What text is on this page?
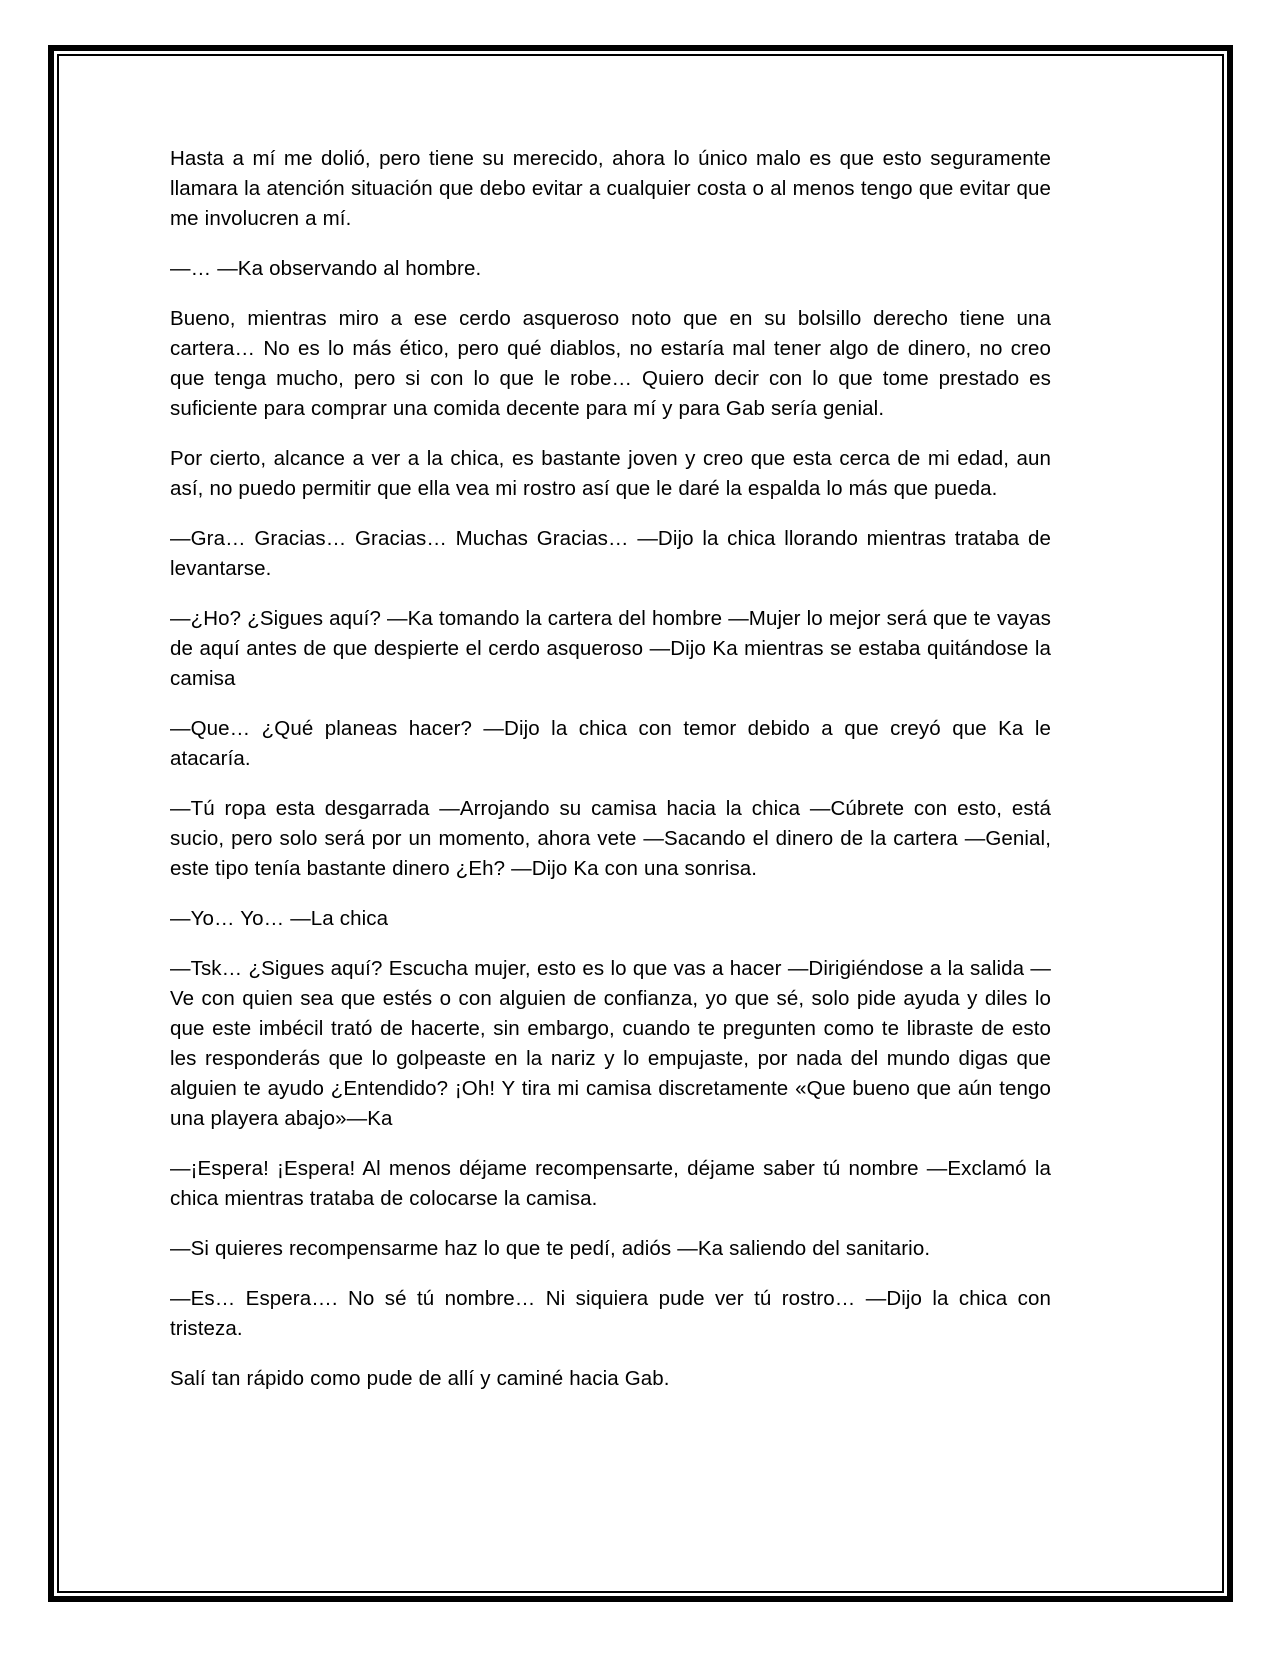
Hasta a mí me dolió, pero tiene su merecido, ahora lo único malo es que esto seguramente llamara la atención situación que debo evitar a cualquier costa o al menos tengo que evitar que me involucren a mí.

—… —Ka observando al hombre.

Bueno, mientras miro a ese cerdo asqueroso noto que en su bolsillo derecho tiene una cartera… No es lo más ético, pero qué diablos, no estaría mal tener algo de dinero, no creo que tenga mucho, pero si con lo que le robe… Quiero decir con lo que tome prestado es suficiente para comprar una comida decente para mí y para Gab sería genial.

Por cierto, alcance a ver a la chica, es bastante joven y creo que esta cerca de mi edad, aun así, no puedo permitir que ella vea mi rostro así que le daré la espalda lo más que pueda.

—Gra… Gracias… Gracias… Muchas Gracias… —Dijo la chica llorando mientras trataba de levantarse.

—¿Ho? ¿Sigues aquí? —Ka tomando la cartera del hombre —Mujer lo mejor será que te vayas de aquí antes de que despierte el cerdo asqueroso —Dijo Ka mientras se estaba quitándose la camisa

—Que… ¿Qué planeas hacer? —Dijo la chica con temor debido a que creyó que Ka le atacaría.

—Tú ropa esta desgarrada —Arrojando su camisa hacia la chica —Cúbrete con esto, está sucio, pero solo será por un momento, ahora vete —Sacando el dinero de la cartera —Genial, este tipo tenía bastante dinero ¿Eh? —Dijo Ka con una sonrisa.

—Yo… Yo… —La chica

—Tsk… ¿Sigues aquí? Escucha mujer, esto es lo que vas a hacer —Dirigiéndose a la salida —Ve con quien sea que estés o con alguien de confianza, yo que sé, solo pide ayuda y diles lo que este imbécil trató de hacerte, sin embargo, cuando te pregunten como te libraste de esto les responderás que lo golpeaste en la nariz y lo empujaste, por nada del mundo digas que alguien te ayudo ¿Entendido? ¡Oh! Y tira mi camisa discretamente «Que bueno que aún tengo una playera abajo»—Ka

—¡Espera! ¡Espera! Al menos déjame recompensarte, déjame saber tú nombre —Exclamó la chica mientras trataba de colocarse la camisa.

—Si quieres recompensarme haz lo que te pedí, adiós —Ka saliendo del sanitario.

—Es… Espera…. No sé tú nombre… Ni siquiera pude ver tú rostro… —Dijo la chica con tristeza.

Salí tan rápido como pude de allí y caminé hacia Gab.
